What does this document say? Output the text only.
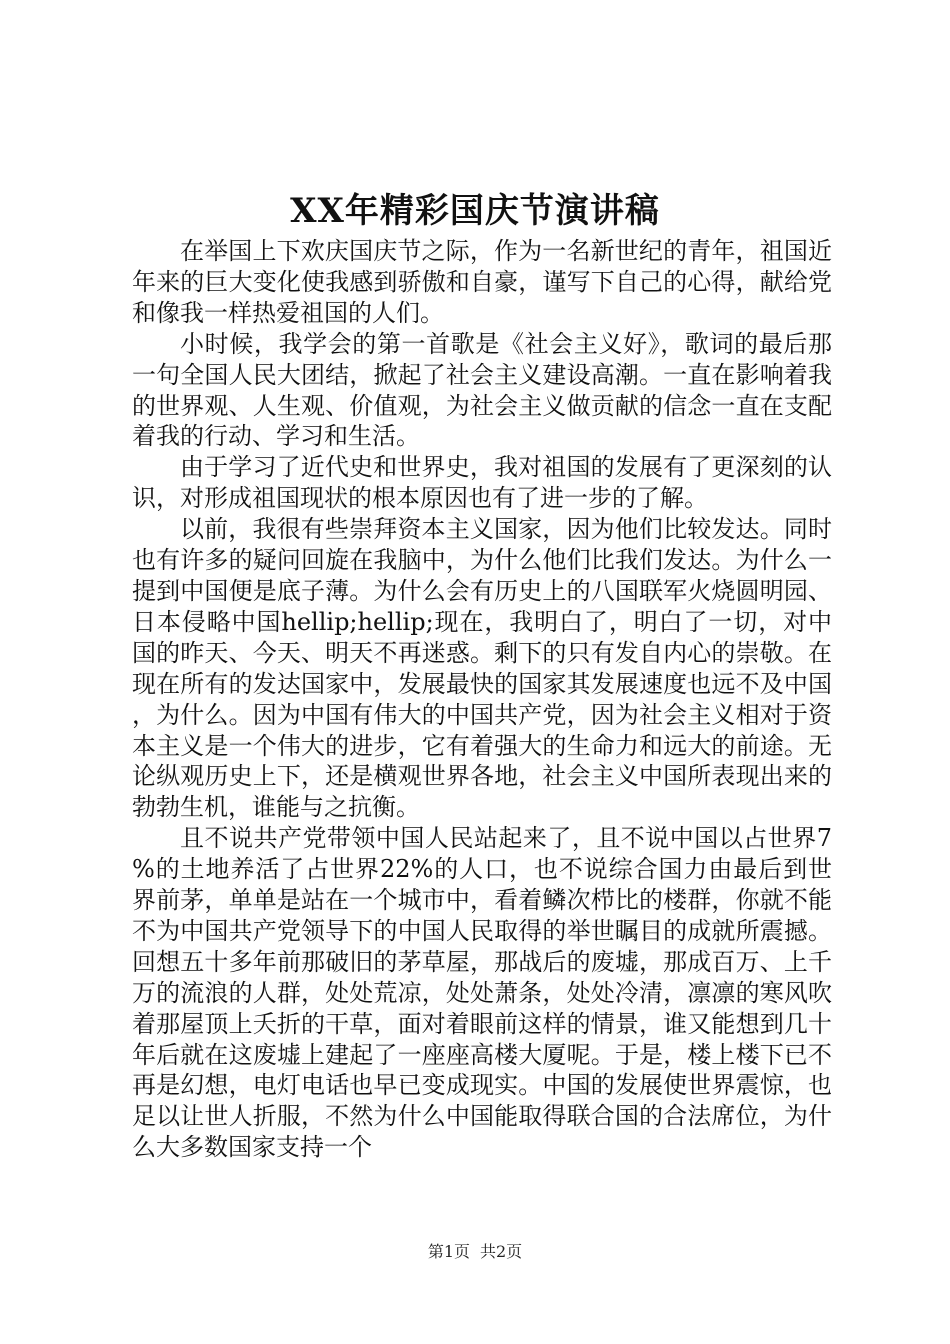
XX年精彩国庆节演讲稿

在举国上下欢庆国庆节之际，作为一名新世纪的青年，祖国近年来的巨大变化使我感到骄傲和自豪，谨写下自己的心得，献给党和像我一样热爱祖国的人们。

小时候，我学会的第一首歌是《社会主义好》，歌词的最后那一句全国人民大团结，掀起了社会主义建设高潮。一直在影响着我的世界观、人生观、价值观，为社会主义做贡献的信念一直在支配着我的行动、学习和生活。

由于学习了近代史和世界史，我对祖国的发展有了更深刻的认识，对形成祖国现状的根本原因也有了进一步的了解。

以前，我很有些崇拜资本主义国家，因为他们比较发达。同时也有许多的疑问回旋在我脑中，为什么他们比我们发达。为什么一提到中国便是底子薄。为什么会有历史上的八国联军火烧圆明园、日本侵略中国hellip;hellip;现在，我明白了，明白了一切，对中国的昨天、今天、明天不再迷惑。剩下的只有发自内心的崇敬。在现在所有的发达国家中，发展最快的国家其发展速度也远不及中国，为什么。因为中国有伟大的中国共产党，因为社会主义相对于资本主义是一个伟大的进步，它有着强大的生命力和远大的前途。无论纵观历史上下，还是横观世界各地，社会主义中国所表现出来的勃勃生机，谁能与之抗衡。

且不说共产党带领中国人民站起来了，且不说中国以占世界7%的土地养活了占世界22%的人口，也不说综合国力由最后到世界前茅，单单是站在一个城市中，看着鳞次栉比的楼群，你就不能不为中国共产党领导下的中国人民取得的举世瞩目的成就所震撼。回想五十多年前那破旧的茅草屋，那战后的废墟，那成百万、上千万的流浪的人群，处处荒凉，处处萧条，处处冷清，凛凛的寒风吹着那屋顶上夭折的干草，面对着眼前这样的情景，谁又能想到几十年后就在这废墟上建起了一座座高楼大厦呢。于是，楼上楼下已不再是幻想，电灯电话也早已变成现实。中国的发展使世界震惊，也足以让世人折服，不然为什么中国能取得联合国的合法席位，为什么大多数国家支持一个

第1页 共2页
